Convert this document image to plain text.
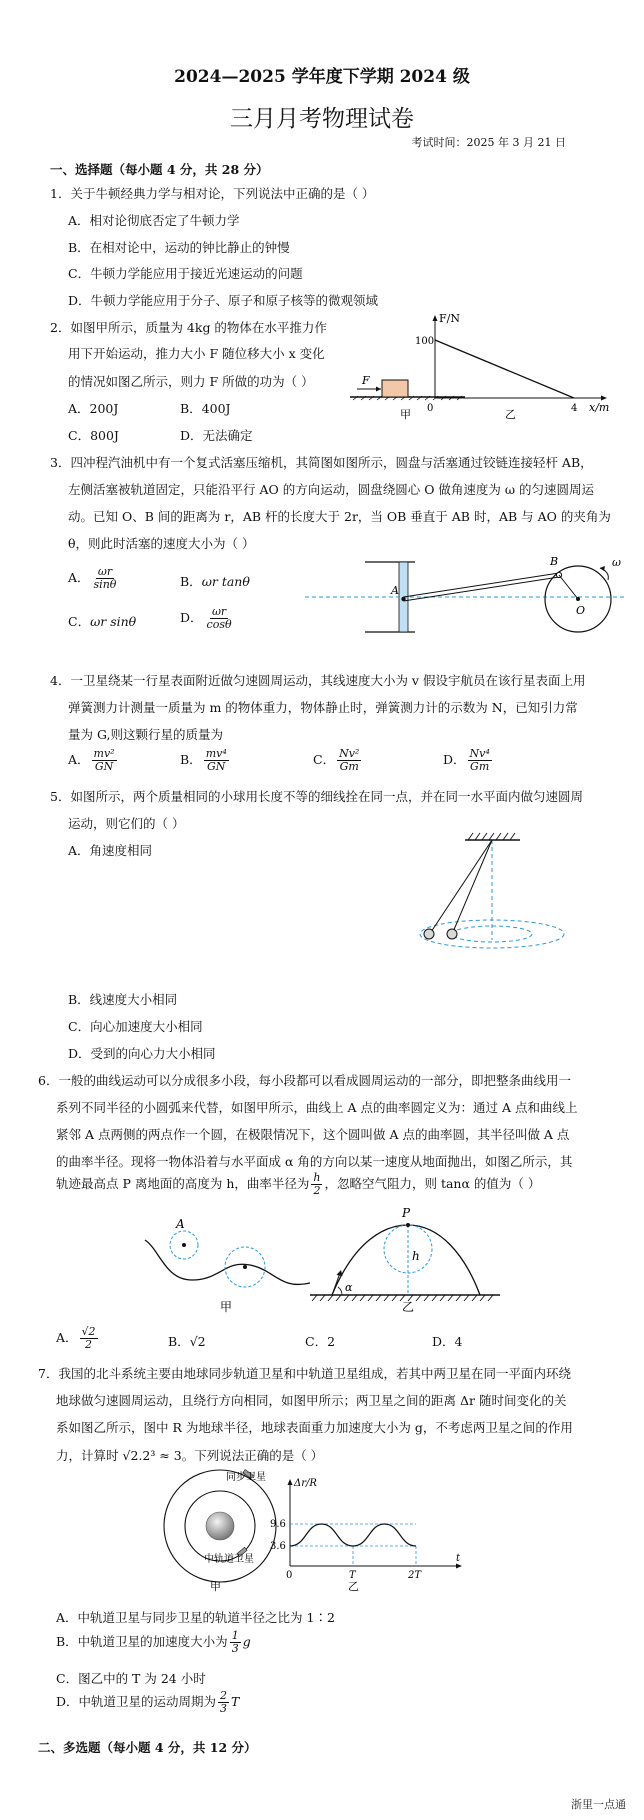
2024—2025 学年度下学期 2024 级
三月月考物理试卷
考试时间：2025 年 3 月 21 日
一、选择题（每小题 4 分，共 28 分）
1．关于牛顿经典力学与相对论，下列说法中正确的是（ ）
A．相对论彻底否定了牛顿力学
B．在相对论中，运动的钟比静止的钟慢
C．牛顿力学能应用于接近光速运动的问题
D．牛顿力学能应用于分子、原子和原子核等的微观领域
2．如图甲所示，质量为 4kg 的物体在水平推力作
用下开始运动，推力大小 F 随位移大小 x 变化
的情况如图乙所示，则力 F 所做的功为（ ）
A．200J	B．400J
C．800J	D．无法确定
F
甲
F/N
100
0	4 x/m
乙
3．四冲程汽油机中有一个复式活塞压缩机，其简图如图所示，圆盘与活塞通过铰链连接轻杆 AB，
左侧活塞被轨道固定，只能沿平行 AO 的方向运动，圆盘绕圆心 O 做角速度为 ω 的匀速圆周运
动。已知 O、B 间的距离为 r，AB 杆的长度大于 2r，当 OB 垂直于 AB 时，AB 与 AO 的夹角为
θ，则此时活塞的速度大小为（ ）
A． $\frac{\omega r}{\sin\theta}$	B．ωr tanθ
C．ωr sinθ	D． $\frac{\omega r}{\cos\theta}$
A
B
O
ω
4．一卫星绕某一行星表面附近做匀速圆周运动，其线速度大小为 v 假设宇航员在该行星表面上用
弹簧测力计测量一质量为 m 的物体重力，物体静止时，弹簧测力计的示数为 N，已知引力常
量为 G,则这颗行星的质量为
A． $\frac{\text{mv²}}{GN}$	B． $\frac{\text{mv⁴}}{GN}$	C． $\frac{\text{Nv²}}{Gm}$	D． $\frac{\text{Nv⁴}}{Gm}$
5．如图所示，两个质量相同的小球用长度不等的细线拴在同一点，并在同一水平面内做匀速圆周
运动，则它们的（ ）
A．角速度相同
B．线速度大小相同
C．向心加速度大小相同
D．受到的向心力大小相同
6．一般的曲线运动可以分成很多小段，每小段都可以看成圆周运动的一部分，即把整条曲线用一
系列不同半径的小圆弧来代替，如图甲所示，曲线上 A 点的曲率圆定义为：通过 A 点和曲线上
紧邻 A 点两侧的两点作一个圆，在极限情况下，这个圆叫做 A 点的曲率圆，其半径叫做 A 点
的曲率半径。现将一物体沿着与水平面成 α 角的方向以某一速度从地面抛出，如图乙所示，其
轨迹最高点 P 离地面的高度为 h，曲率半径为 $\frac{h}{2}$ ，忽略空气阻力，则 tanα 的值为（ ）
A
甲
P
h
α
乙
A． $\frac{√2}{2}$	B．√2	C．2	D．4
7．我国的北斗系统主要由地球同步轨道卫星和中轨道卫星组成，若其中两卫星在同一平面内环绕
地球做匀速圆周运动，且绕行方向相同，如图甲所示；两卫星之间的距离 Δr 随时间变化的关
系如图乙所示，图中 R 为地球半径，地球表面重力加速度大小为 g，不考虑两卫星之间的作用
力，计算时 √2.2³ ≈ 3。下列说法正确的是（ ）
同步卫星
中轨道卫星
甲
Δr/R
9.6
3.6
0	T	2T
t
乙
A．中轨道卫星与同步卫星的轨道半径之比为 1∶2
B．中轨道卫星的加速度大小为 $\frac{1}{3}$ g
C．图乙中的 T 为 24 小时
D．中轨道卫星的运动周期为 $\frac{2}{3}$ T
二、多选题（每小题 4 分，共 12 分）
浙里一点通
